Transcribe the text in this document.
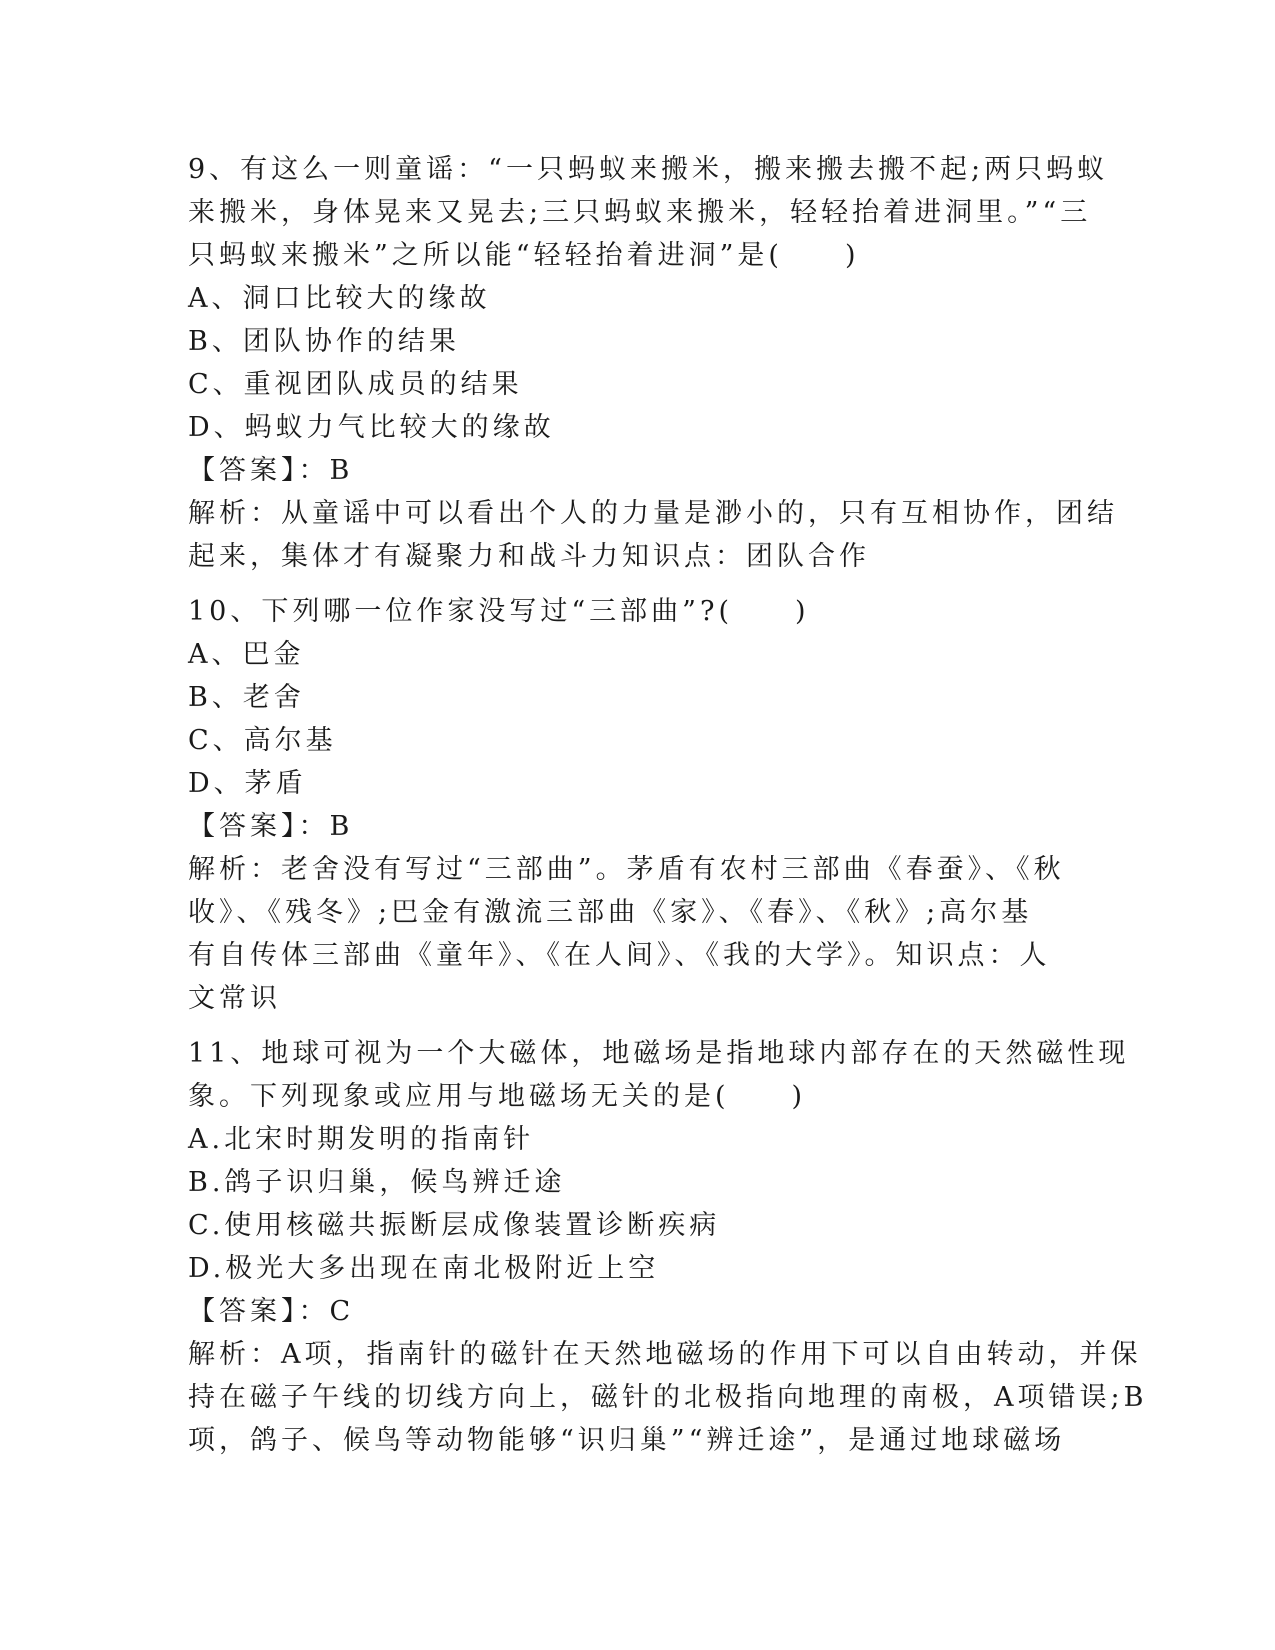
9、有这么一则童谣：“一只蚂蚁来搬米，搬来搬去搬不起;两只蚂蚁

来搬米，身体晃来又晃去;三只蚂蚁来搬米，轻轻抬着进洞里。”“三

只蚂蚁来搬米”之所以能“轻轻抬着进洞”是(　　)

A、洞口比较大的缘故

B、团队协作的结果

C、重视团队成员的结果

D、蚂蚁力气比较大的缘故

【答案】：B

解析：从童谣中可以看出个人的力量是渺小的，只有互相协作，团结

起来，集体才有凝聚力和战斗力知识点：团队合作

10、下列哪一位作家没写过“三部曲”?(　　)

A、巴金

B、老舍

C、高尔基

D、茅盾

【答案】：B

解析：老舍没有写过“三部曲”。茅盾有农村三部曲《春蚕》、《秋

收》、《残冬》;巴金有激流三部曲《家》、《春》、《秋》;高尔基

有自传体三部曲《童年》、《在人间》、《我的大学》。知识点：人

文常识

11、地球可视为一个大磁体，地磁场是指地球内部存在的天然磁性现

象。下列现象或应用与地磁场无关的是(　　)

A.北宋时期发明的指南针

B.鸽子识归巢，候鸟辨迁途

C.使用核磁共振断层成像装置诊断疾病

D.极光大多出现在南北极附近上空

【答案】：C

解析：A项，指南针的磁针在天然地磁场的作用下可以自由转动，并保

持在磁子午线的切线方向上，磁针的北极指向地理的南极，A项错误;B

项，鸽子、候鸟等动物能够“识归巢”“辨迁途”，是通过地球磁场
